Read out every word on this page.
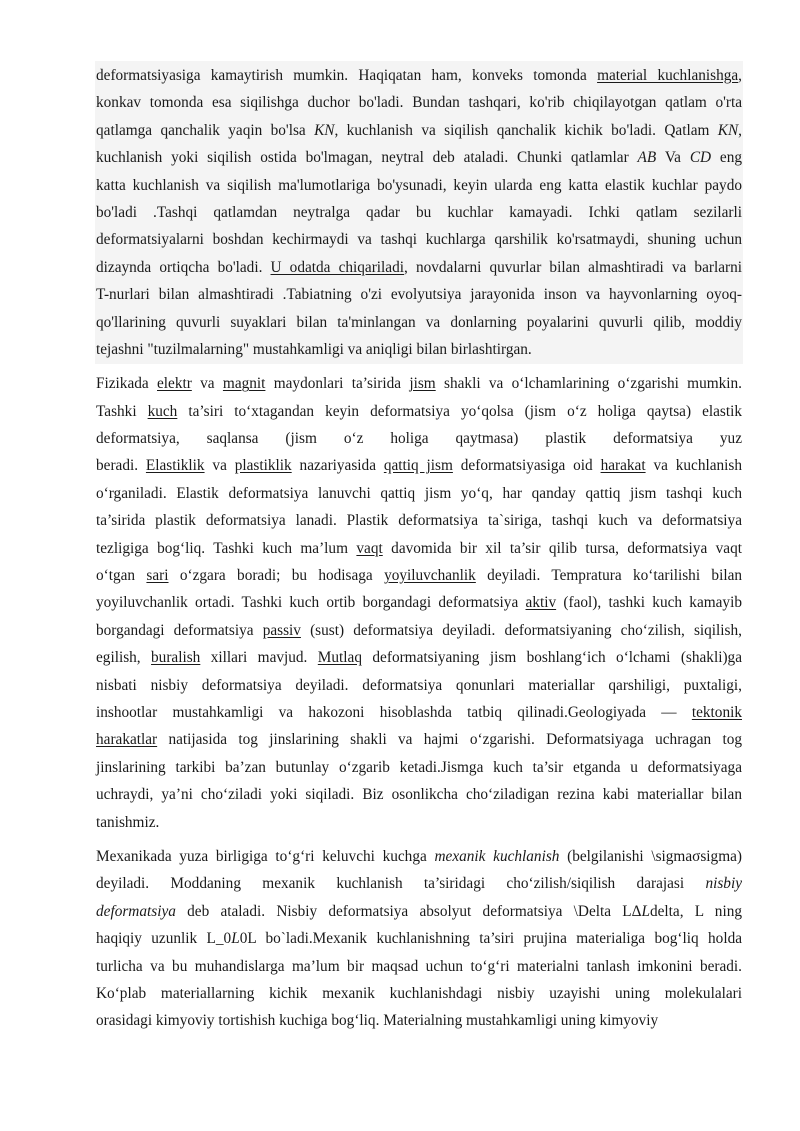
deformatsiyasiga kamaytirish mumkin. Haqiqatan ham, konveks tomonda material kuchlanishga,
konkav tomonda esa siqilishga duchor bo'ladi. Bundan tashqari, ko'rib chiqilayotgan qatlam o'rta
qatlamga qanchalik yaqin bo'lsa KN, kuchlanish va siqilish qanchalik kichik bo'ladi. Qatlam KN,
kuchlanish yoki siqilish ostida bo'lmagan, neytral deb ataladi. Chunki qatlamlar AB Va CD eng
katta kuchlanish va siqilish ma'lumotlariga bo'ysunadi, keyin ularda eng katta elastik kuchlar paydo
bo'ladi .Tashqi qatlamdan neytralga qadar bu kuchlar kamayadi. Ichki qatlam sezilarli
deformatsiyalarni boshdan kechirmaydi va tashqi kuchlarga qarshilik ko'rsatmaydi, shuning uchun
dizaynda ortiqcha bo'ladi. U odatda chiqariladi, novdalarni quvurlar bilan almashtiradi va barlarni
T-nurlari bilan almashtiradi .Tabiatning o'zi evolyutsiya jarayonida inson va hayvonlarning oyoq-
qo'llarining quvurli suyaklari bilan ta'minlangan va donlarning poyalarini quvurli qilib, moddiy
tejashni "tuzilmalarning" mustahkamligi va aniqligi bilan birlashtirgan.
Fizikada elektr va magnit maydonlari ta’sirida jism shakli va o‘lchamlarining o‘zgarishi mumkin.
Tashki kuch ta’siri to‘xtagandan keyin deformatsiya yo‘qolsa (jism o‘z holiga qaytsa) elastik
deformatsiya, saqlansa (jism o‘z holiga qaytmasa) plastik deformatsiya yuz
beradi. Elastiklik va plastiklik nazariyasida qattiq jism deformatsiyasiga oid harakat va kuchlanish
o‘rganiladi. Elastik deformatsiya lanuvchi qattiq jism yo‘q, har qanday qattiq jism tashqi kuch
ta’sirida plastik deformatsiya lanadi. Plastik deformatsiya ta`siriga, tashqi kuch va deformatsiya
tezligiga bog‘liq. Tashki kuch ma’lum vaqt davomida bir xil ta’sir qilib tursa, deformatsiya vaqt
o‘tgan sari o‘zgara boradi; bu hodisaga yoyiluvchanlik deyiladi. Tempratura ko‘tarilishi bilan
yoyiluvchanlik ortadi. Tashki kuch ortib borgandagi deformatsiya aktiv (faol), tashki kuch kamayib
borgandagi deformatsiya passiv (sust) deformatsiya deyiladi. deformatsiyaning cho‘zilish, siqilish,
egilish, buralish xillari mavjud. Mutlaq deformatsiyaning jism boshlang‘ich o‘lchami (shakli)ga
nisbati nisbiy deformatsiya deyiladi. deformatsiya qonunlari materiallar qarshiligi, puxtaligi,
inshootlar mustahkamligi va hakozoni hisoblashda tatbiq qilinadi.Geologiyada — tektonik
harakatlar natijasida tog jinslarining shakli va hajmi o‘zgarishi. Deformatsiyaga uchragan tog
jinslarining tarkibi ba’zan butunlay o‘zgarib ketadi.Jismga kuch ta’sir etganda u deformatsiyaga
uchraydi, ya’ni cho‘ziladi yoki siqiladi. Biz osonlikcha cho‘ziladigan rezina kabi materiallar bilan
tanishmiz.
Mexanikada yuza birligiga to‘g‘ri keluvchi kuchga mexanik kuchlanish (belgilanishi \sigmaσsigma)
deyiladi. Moddaning mexanik kuchlanish ta’siridagi cho‘zilish/siqilish darajasi nisbiy
deformatsiya deb ataladi. Nisbiy deformatsiya absolyut deformatsiya \Delta LΔLdelta, L ning
haqiqiy uzunlik L_0L0L bo`ladi.Mexanik kuchlanishning ta’siri prujina materialiga bog‘liq holda
turlicha va bu muhandislarga ma’lum bir maqsad uchun to‘g‘ri materialni tanlash imkonini beradi.
Ko‘plab materiallarning kichik mexanik kuchlanishdagi nisbiy uzayishi uning molekulalari
orasidagi kimyoviy tortishish kuchiga bog‘liq. Materialning mustahkamligi uning kimyoviy
